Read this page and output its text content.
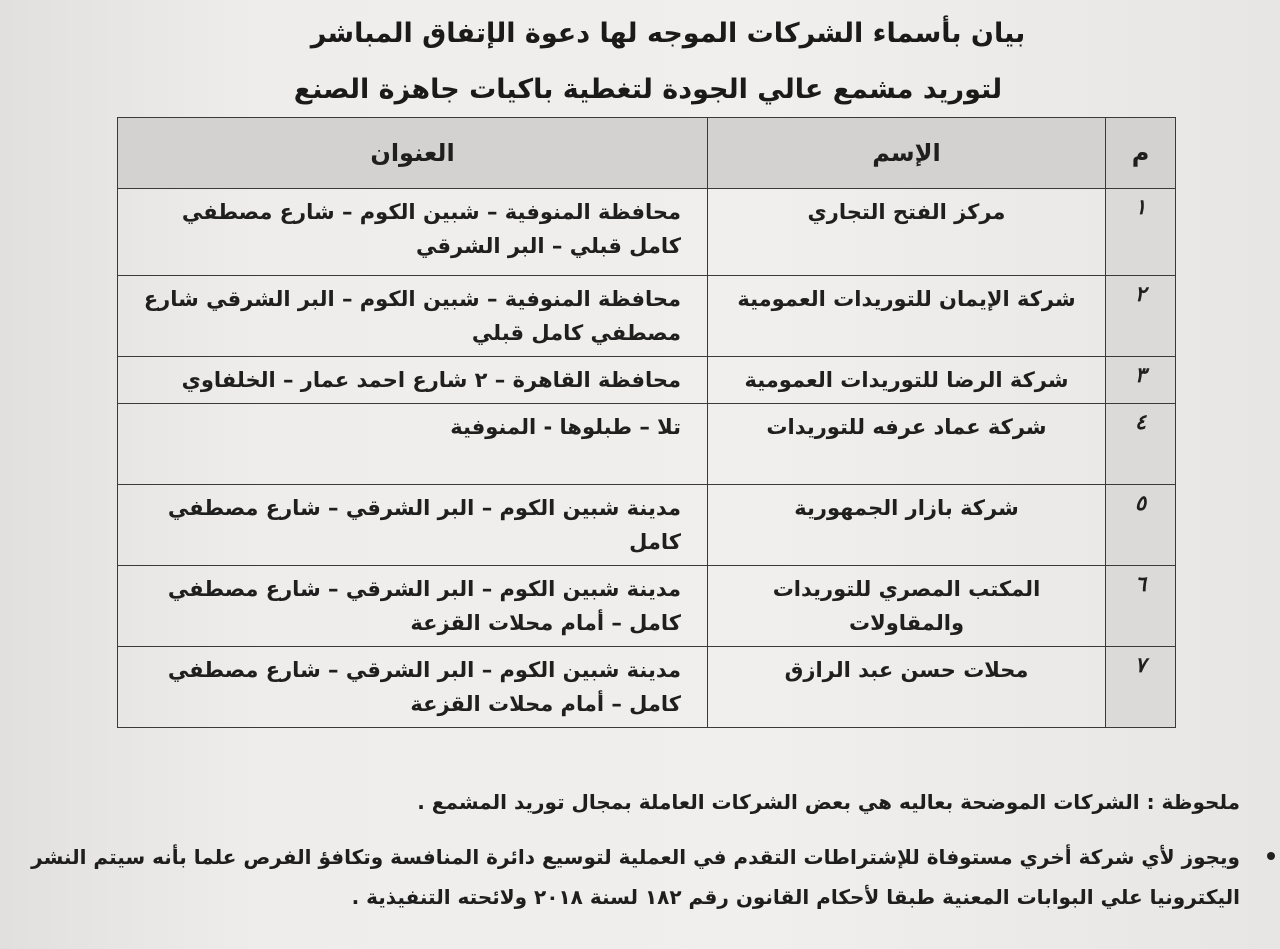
بيان بأسماء الشركات الموجه لها دعوة الإتفاق المباشر
لتوريد مشمع عالي الجودة لتغطية باكيات جاهزة الصنع
م	الإسم	العنوان
١	مركز الفتح التجاري	محافظة المنوفية – شبين الكوم – شارع مصطفي كامل قبلي – البر الشرقي
٢	شركة الإيمان للتوريدات العمومية	محافظة المنوفية – شبين الكوم – البر الشرقي شارع مصطفي كامل قبلي
٣	شركة الرضا للتوريدات العمومية	محافظة القاهرة – ٢ شارع احمد عمار – الخلفاوي
٤	شركة عماد عرفه للتوريدات	تلا – طبلوها - المنوفية
٥	شركة بازار الجمهورية	مدينة شبين الكوم – البر الشرقي – شارع مصطفي كامل
٦	المكتب المصري للتوريدات والمقاولات	مدينة شبين الكوم – البر الشرقي – شارع مصطفي كامل – أمام محلات القزعة
٧	محلات حسن عبد الرازق	مدينة شبين الكوم – البر الشرقي – شارع مصطفي كامل – أمام محلات القزعة
ملحوظة : الشركات الموضحة بعاليه هي بعض الشركات العاملة بمجال توريد المشمع .
ويجوز لأي شركة أخري مستوفاة للإشتراطات التقدم في العملية لتوسيع دائرة المنافسة وتكافؤ الفرص علما بأنه سيتم النشر
اليكترونيا علي البوابات المعنية طبقا لأحكام القانون رقم ١٨٢ لسنة ٢٠١٨ ولائحته التنفيذية .
